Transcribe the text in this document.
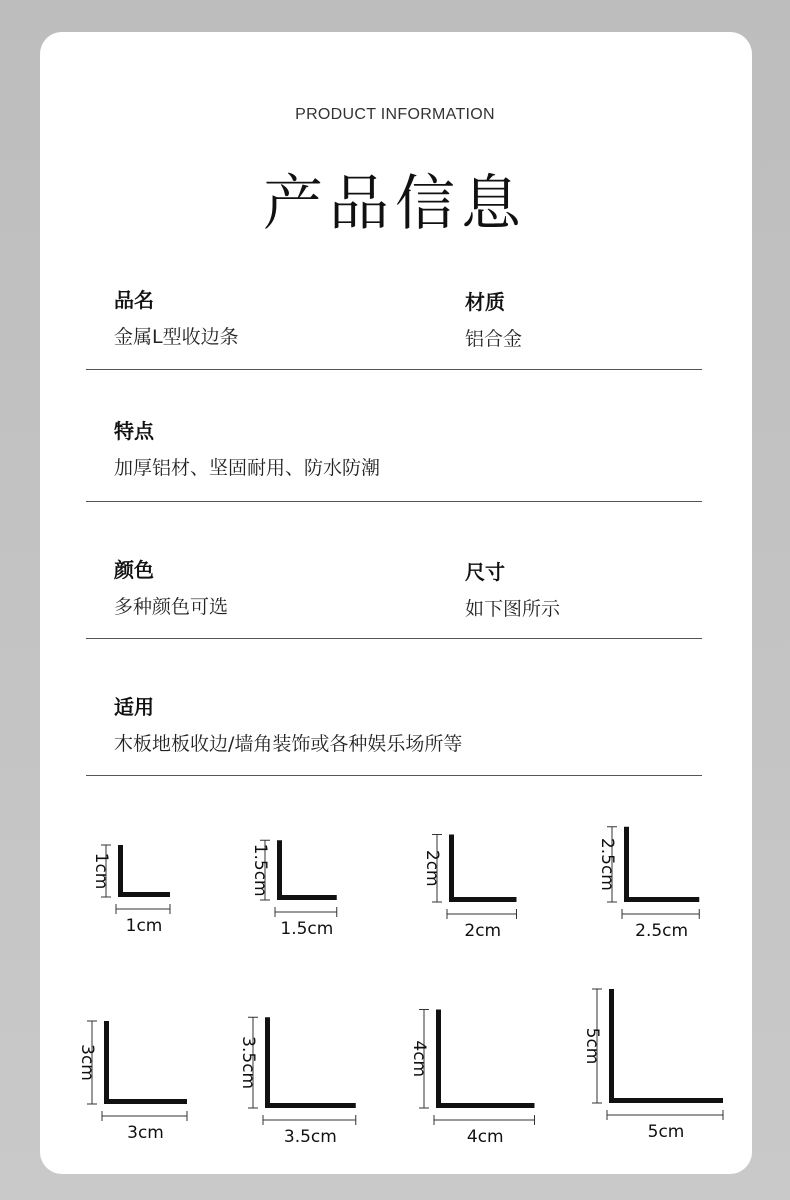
PRODUCT INFORMATION
产品信息
品名
金属L型收边条
材质
铝合金
特点
加厚铝材、坚固耐用、防水防潮
颜色
多种颜色可选
尺寸
如下图所示
适用
木板地板收边/墙角装饰或各种娱乐场所等
1cm
1cm
1.5cm
1.5cm
2cm
2cm
2.5cm
2.5cm
3cm
3cm
3.5cm
3.5cm
4cm
4cm
5cm
5cm
